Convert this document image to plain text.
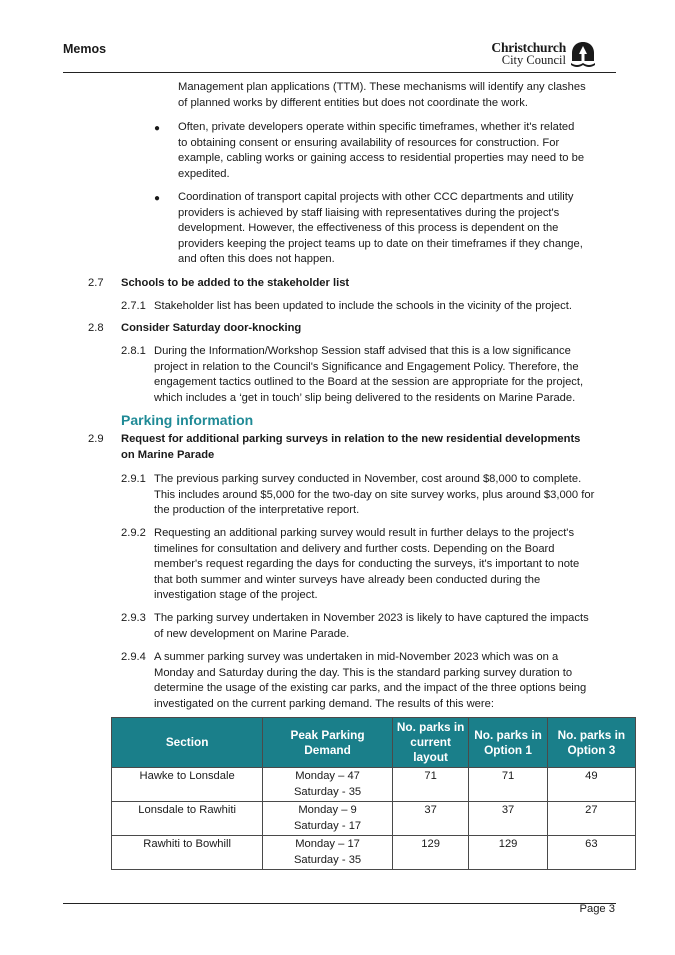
Memos	Christchurch
City Council

Management plan applications (TTM). These mechanisms will identify any clashes

of planned works by different entities but does not coordinate the work.

● Often, private developers operate within specific timeframes, whether it's related

to obtaining consent or ensuring availability of resources for construction. For

example, cabling works or gaining access to residential properties may need to be

expedited.

● Coordination of transport capital projects with other CCC departments and utility

providers is achieved by staff liaising with representatives during the project's

development. However, the effectiveness of this process is dependent on the

providers keeping the project teams up to date on their timeframes if they change,

and often this does not happen.

2.7 Schools to be added to the stakeholder list
2.7.1 Stakeholder list has been updated to include the schools in the vicinity of the project.

2.8 Consider Saturday door-knocking
2.8.1 During the Information/Workshop Session staff advised that this is a low significance

project in relation to the Council's Significance and Engagement Policy. Therefore, the

engagement tactics outlined to the Board at the session are appropriate for the project,

which includes a ‘get in touch’ slip being delivered to the residents on Marine Parade.

Parking information
2.9 Request for additional parking surveys in relation to the new residential developments

on Marine Parade

2.9.1 The previous parking survey conducted in November, cost around $8,000 to complete.

This includes around $5,000 for the two-day on site survey works, plus around $3,000 for

the production of the interpretative report.

2.9.2 Requesting an additional parking survey would result in further delays to the project's

timelines for consultation and delivery and further costs. Depending on the Board

member's request regarding the days for conducting the surveys, it's important to note

that both summer and winter surveys have already been conducted during the

investigation stage of the project.

2.9.3 The parking survey undertaken in November 2023 is likely to have captured the impacts

of new development on Marine Parade.

2.9.4 A summer parking survey was undertaken in mid-November 2023 which was on a

Monday and Saturday during the day. This is the standard parking survey duration to

determine the usage of the existing car parks, and the impact of the three options being

investigated on the current parking demand. The results of this were:

Section	Peak Parking Demand	No. parks in current layout	No. parks in Option 1	No. parks in Option 3
Hawke to Lonsdale	Monday – 47
Saturday - 35	71	71	49
Lonsdale to Rawhiti	Monday – 9
Saturday - 17	37	37	27
Rawhiti to Bowhill	Monday – 17
Saturday - 35	129	129	63
Page 3
